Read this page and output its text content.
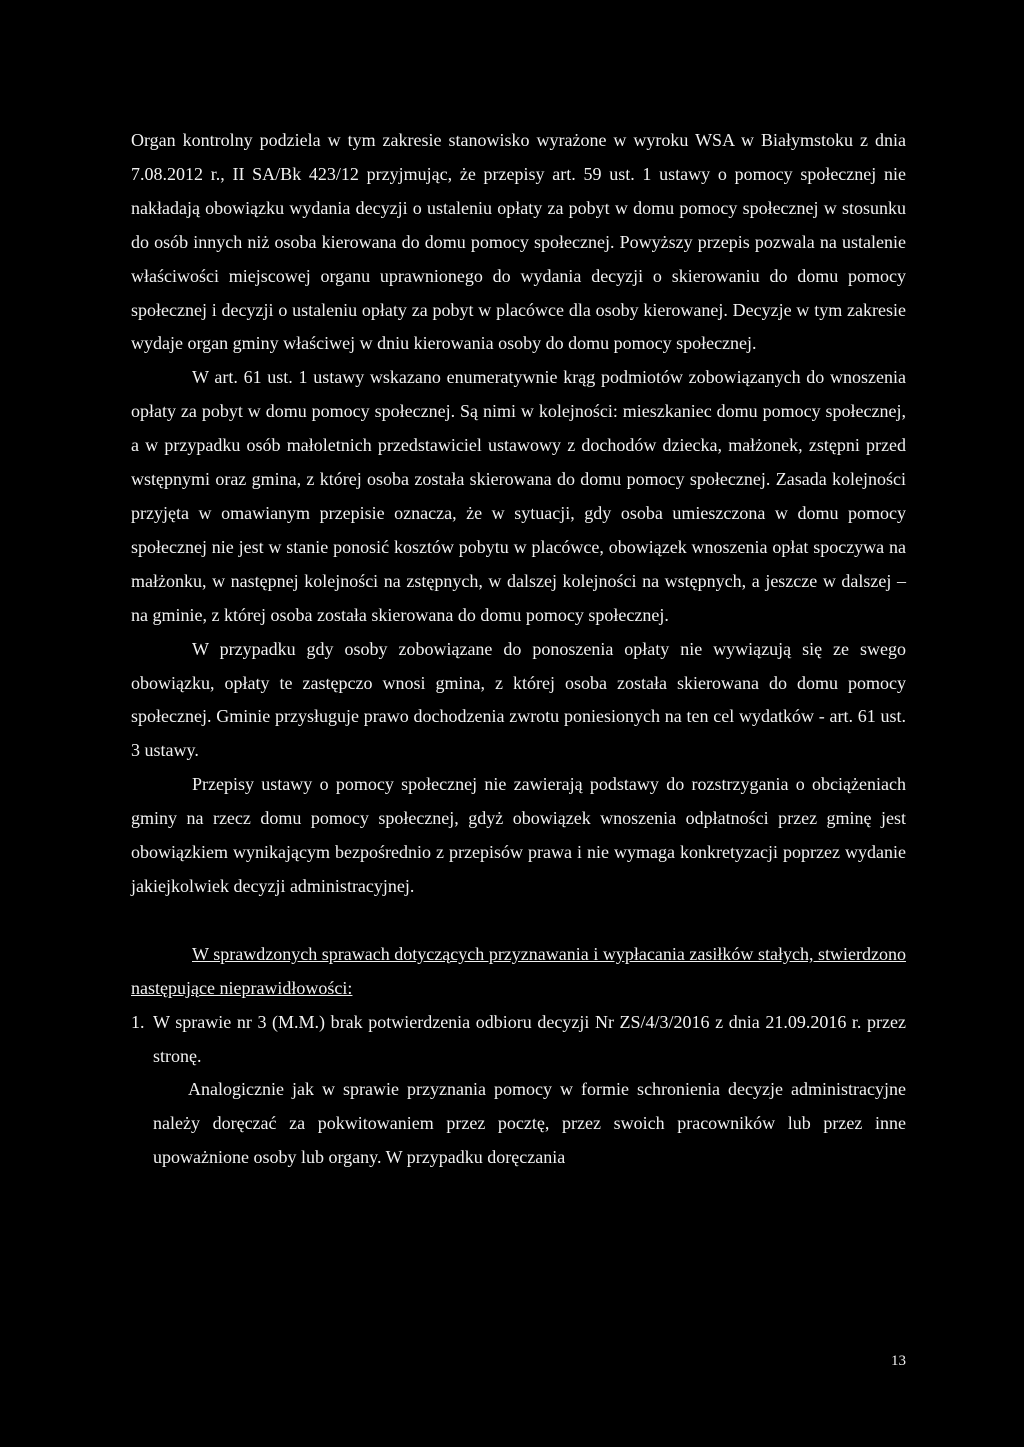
Organ kontrolny podziela w tym zakresie stanowisko wyrażone w wyroku WSA w Białymstoku z dnia 7.08.2012 r., II SA/Bk 423/12 przyjmując, że przepisy art. 59 ust. 1 ustawy o pomocy społecznej nie nakładają obowiązku wydania decyzji o ustaleniu opłaty za pobyt w domu pomocy społecznej w stosunku do osób innych niż osoba kierowana do domu pomocy społecznej. Powyższy przepis pozwala na ustalenie właściwości miejscowej organu uprawnionego do wydania decyzji o skierowaniu do domu pomocy społecznej i decyzji o ustaleniu opłaty za pobyt w placówce dla osoby kierowanej. Decyzje w tym zakresie wydaje organ gminy właściwej w dniu kierowania osoby do domu pomocy społecznej.

W art. 61 ust. 1 ustawy wskazano enumeratywnie krąg podmiotów zobowiązanych do wnoszenia opłaty za pobyt w domu pomocy społecznej. Są nimi w kolejności: mieszkaniec domu pomocy społecznej, a w przypadku osób małoletnich przedstawiciel ustawowy z dochodów dziecka, małżonek, zstępni przed wstępnymi oraz gmina, z której osoba została skierowana do domu pomocy społecznej. Zasada kolejności przyjęta w omawianym przepisie oznacza, że w sytuacji, gdy osoba umieszczona w domu pomocy społecznej nie jest w stanie ponosić kosztów pobytu w placówce, obowiązek wnoszenia opłat spoczywa na małżonku, w następnej kolejności na zstępnych, w dalszej kolejności na wstępnych, a jeszcze w dalszej – na gminie, z której osoba została skierowana do domu pomocy społecznej.

W przypadku gdy osoby zobowiązane do ponoszenia opłaty nie wywiązują się ze swego obowiązku, opłaty te zastępczo wnosi gmina, z której osoba została skierowana do domu pomocy społecznej. Gminie przysługuje prawo dochodzenia zwrotu poniesionych na ten cel wydatków - art. 61 ust. 3 ustawy.

Przepisy ustawy o pomocy społecznej nie zawierają podstawy do rozstrzygania o obciążeniach gminy na rzecz domu pomocy społecznej, gdyż obowiązek wnoszenia odpłatności przez gminę jest obowiązkiem wynikającym bezpośrednio z przepisów prawa i nie wymaga konkretyzacji poprzez wydanie jakiejkolwiek decyzji administracyjnej.

W sprawdzonych sprawach dotyczących przyznawania i wypłacania zasiłków stałych, stwierdzono następujące nieprawidłowości:

1. W sprawie nr 3 (M.M.) brak potwierdzenia odbioru decyzji Nr ZS/4/3/2016 z dnia 21.09.2016 r. przez stronę.

Analogicznie jak w sprawie przyznania pomocy w formie schronienia decyzje administracyjne należy doręczać za pokwitowaniem przez pocztę, przez swoich pracowników lub przez inne upoważnione osoby lub organy. W przypadku doręczania

13
